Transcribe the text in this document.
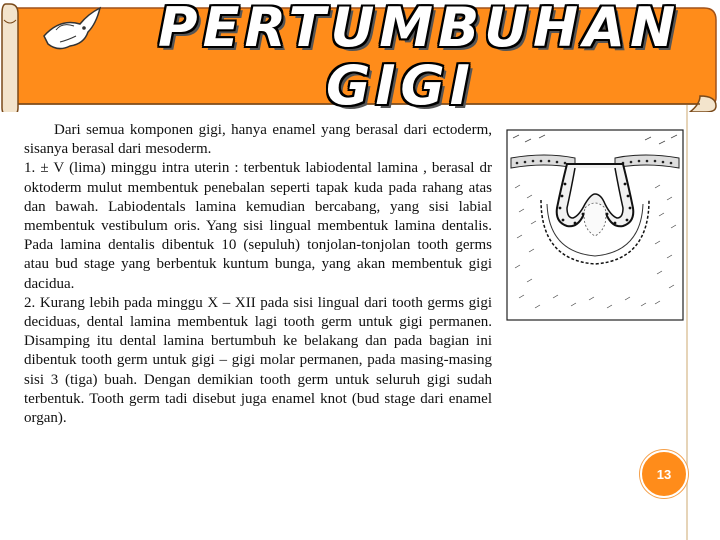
PERTUMBUHAN
GIGI

Dari semua komponen gigi, hanya enamel yang berasal dari ectoderm, sisanya berasal dari mesoderm.

1. ± V (lima) minggu intra uterin : terbentuk labiodental lamina , berasal dr oktoderm mulut membentuk penebalan seperti tapak kuda pada rahang atas dan bawah. Labiodentals lamina kemudian bercabang, yang sisi labial membentuk vestibulum oris. Yang sisi lingual membentuk lamina dentalis. Pada lamina dentalis dibentuk 10 (sepuluh) tonjolan-tonjolan tooth germs atau bud stage yang berbentuk kuntum bunga, yang akan membentuk gigi dacidua.

2. Kurang lebih pada minggu X – XII pada sisi lingual dari tooth germs gigi deciduas, dental lamina membentuk lagi tooth germ untuk gigi permanen. Disamping itu dental lamina bertumbuh ke belakang dan pada bagian ini dibentuk tooth germ untuk gigi – gigi molar permanen, pada masing-masing sisi 3 (tiga) buah. Dengan demikian tooth germ untuk seluruh gigi sudah terbentuk. Tooth germ tadi disebut juga enamel knot (bud stage dari enamel organ).

13
